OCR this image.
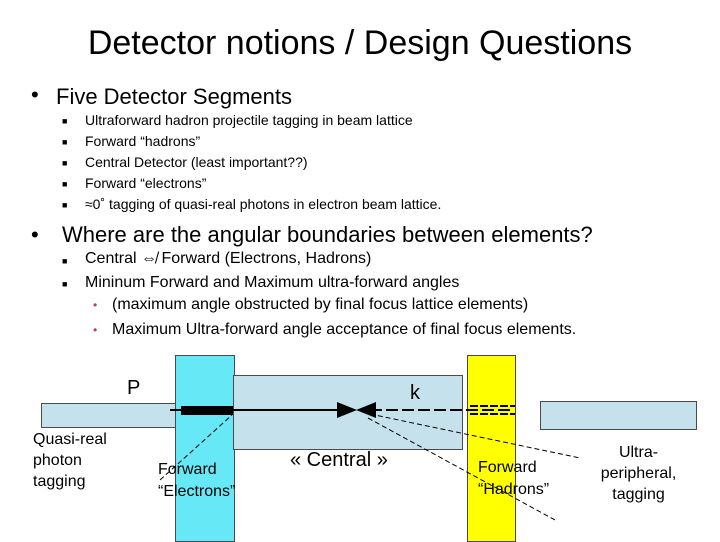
Detector notions / Design Questions
• Five Detector Segments
■ Ultraforward hadron projectile tagging in beam lattice
■ Forward “hadrons”
■ Central Detector (least important??)
■ Forward “electrons”
■ ≈0˚ tagging of quasi-real photons in electron beam lattice.
• Where are the angular boundaries between elements?
■ Central ⇎ Forward (Electrons, Hadrons)
■ Mininum Forward and Maximum ultra-forward angles
• (maximum angle obstructed by final focus lattice elements)
• Maximum Ultra-forward angle acceptance of final focus elements.
P	k
Quasi-real photon tagging
Forward
“Electrons”
« Central »	Forward
“Hadrons”
Ultra-peripheral, tagging
